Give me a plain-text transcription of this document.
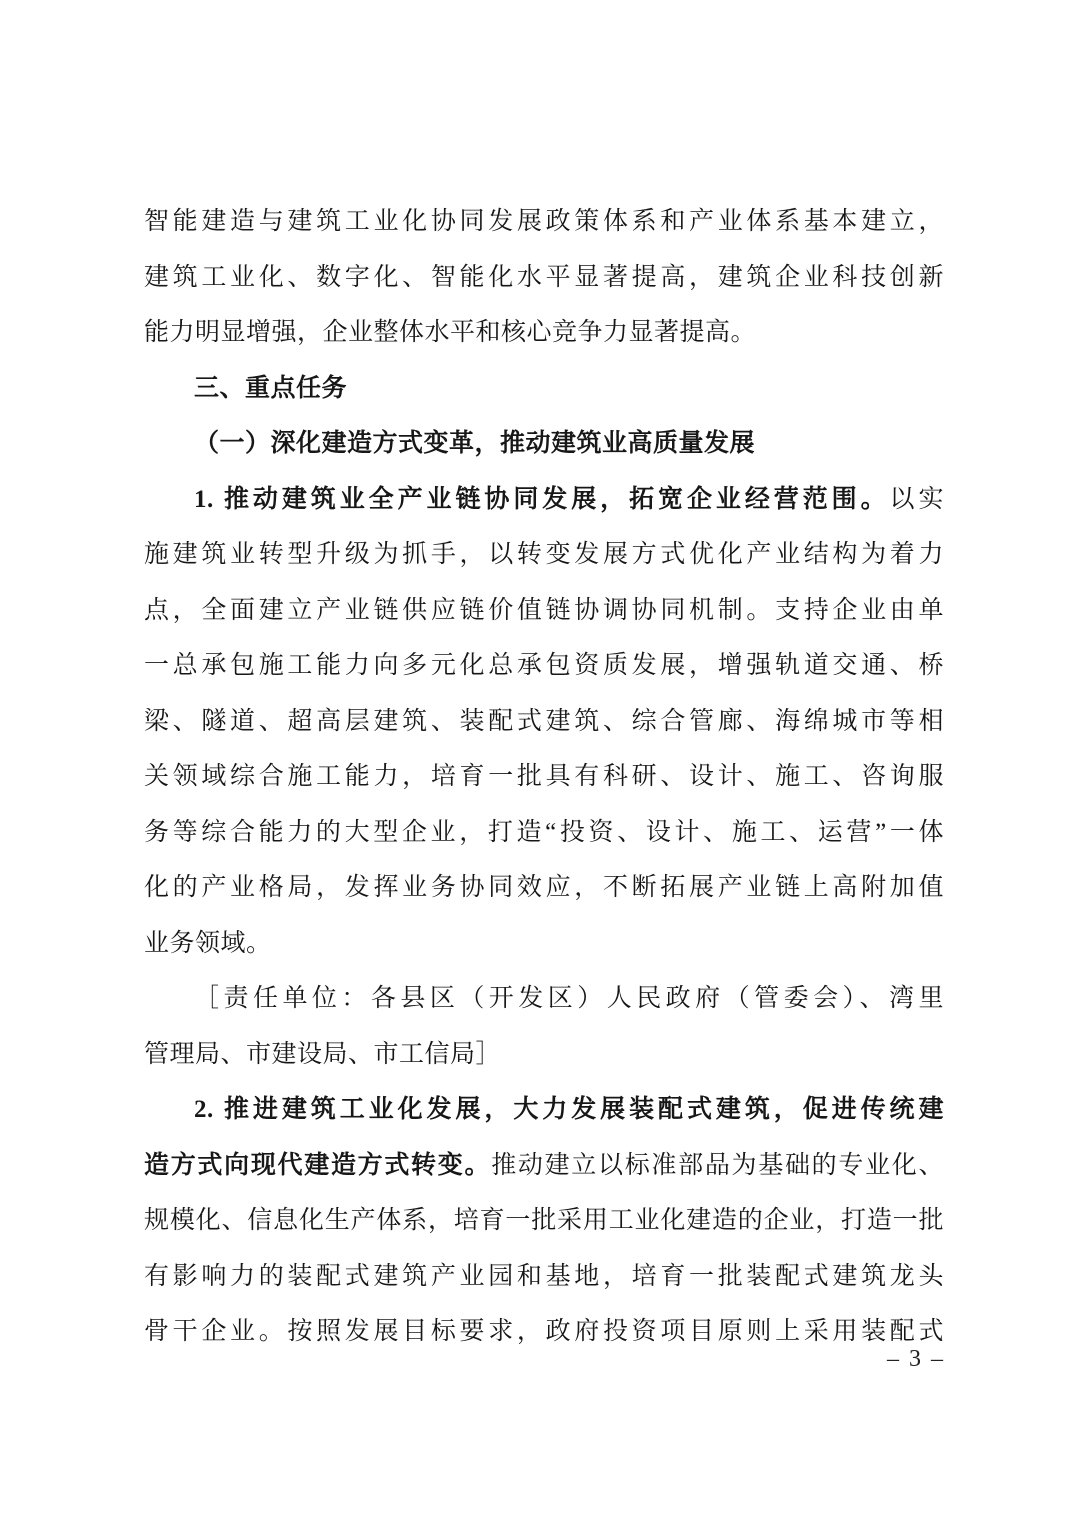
智能建造与建筑工业化协同发展政策体系和产业体系基本建立，
建筑工业化、数字化、智能化水平显著提高，建筑企业科技创新
能力明显增强，企业整体水平和核心竞争力显著提高。
三、重点任务
（一）深化建造方式变革，推动建筑业高质量发展
1. 推动建筑业全产业链协同发展，拓宽企业经营范围。以实
施建筑业转型升级为抓手，以转变发展方式优化产业结构为着力
点，全面建立产业链供应链价值链协调协同机制。支持企业由单
一总承包施工能力向多元化总承包资质发展，增强轨道交通、桥
梁、隧道、超高层建筑、装配式建筑、综合管廊、海绵城市等相
关领域综合施工能力，培育一批具有科研、设计、施工、咨询服
务等综合能力的大型企业，打造“投资、设计、施工、运营”一体
化的产业格局，发挥业务协同效应，不断拓展产业链上高附加值
业务领域。
［责任单位：各县区（开发区）人民政府（管委会）、湾里
管理局、市建设局、市工信局］
2. 推进建筑工业化发展，大力发展装配式建筑，促进传统建
造方式向现代建造方式转变。推动建立以标准部品为基础的专业化、
规模化、信息化生产体系，培育一批采用工业化建造的企业，打造一批
有影响力的装配式建筑产业园和基地，培育一批装配式建筑龙头
骨干企业。按照发展目标要求，政府投资项目原则上采用装配式
– 3 –
